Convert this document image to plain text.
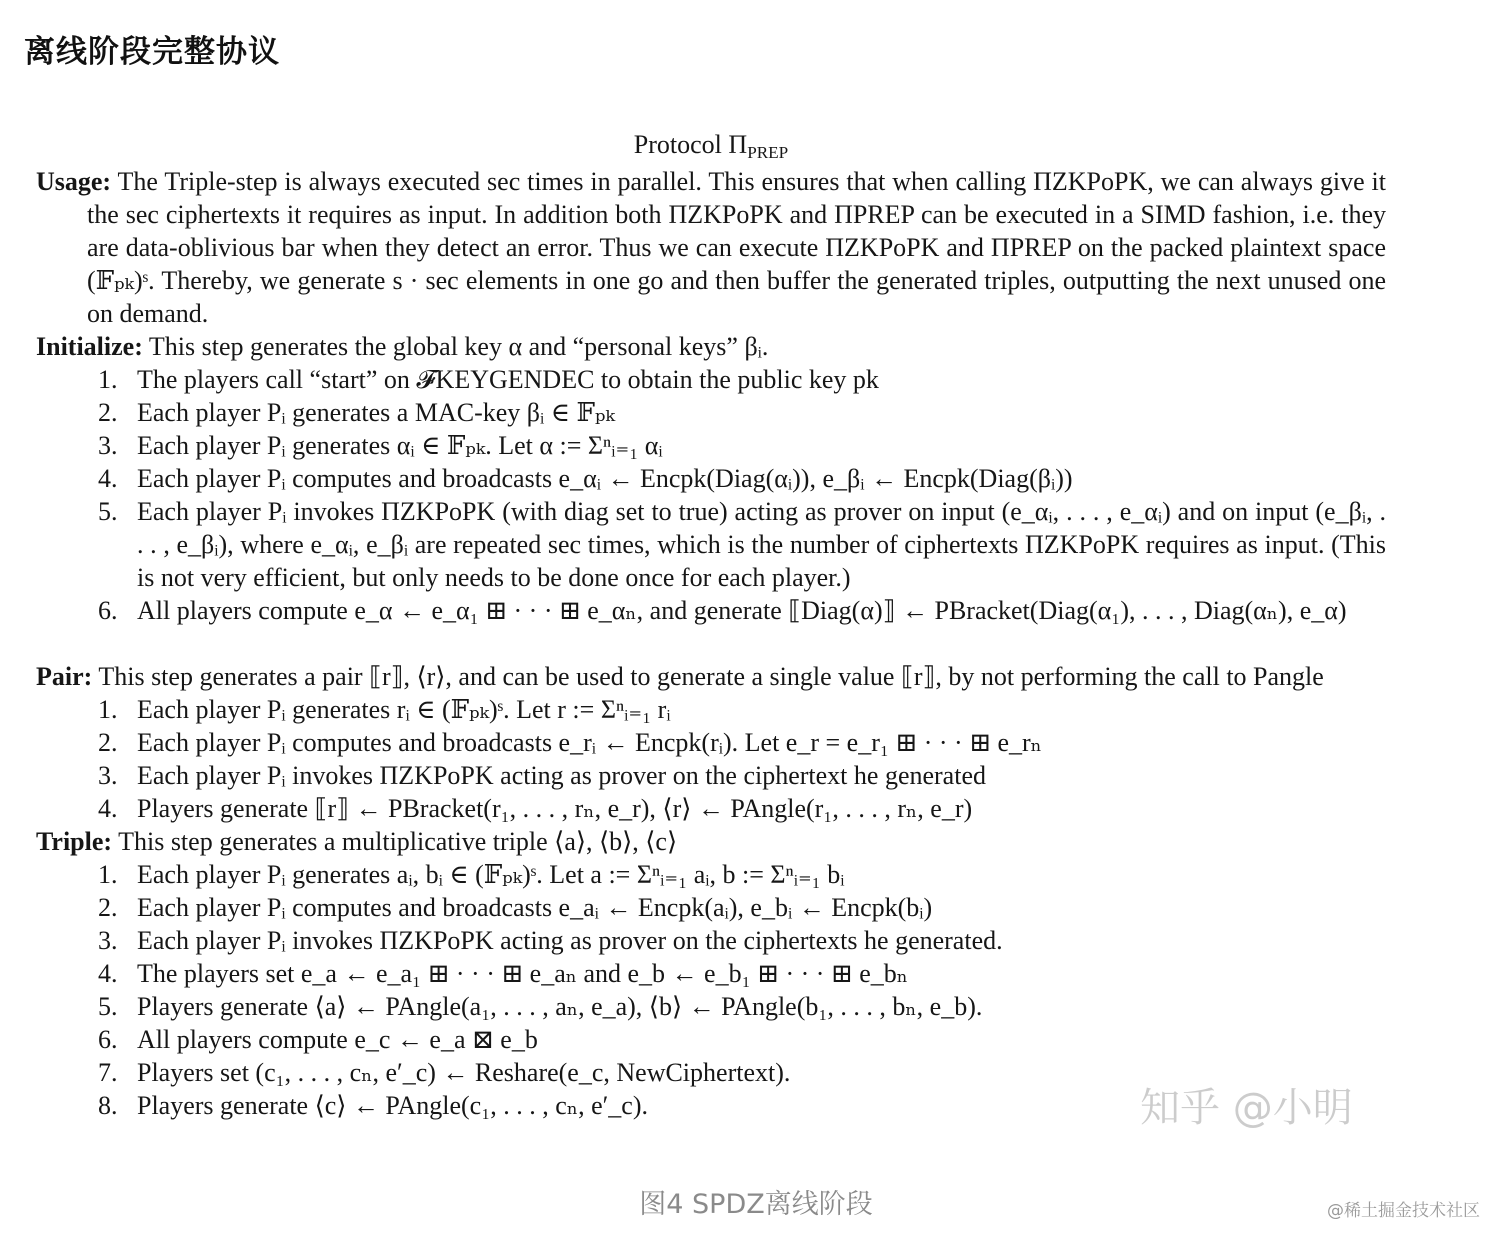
离线阶段完整协议
Protocol ΠPREP
Usage: The Triple-step is always executed sec times in parallel. This ensures that when calling ΠZKPoPK, we can always give it the sec ciphertexts it requires as input. In addition both ΠZKPoPK and ΠPREP can be executed in a SIMD fashion, i.e. they are data-oblivious bar when they detect an error. Thus we can execute ΠZKPoPK and ΠPREP on the packed plaintext space (𝔽ₚₖ)ˢ. Thereby, we generate s · sec elements in one go and then buffer the generated triples, outputting the next unused one on demand.
Initialize: This step generates the global key α and “personal keys” βᵢ.
1. The players call “start” on 𝓕KEYGENDEC to obtain the public key pk
2. Each player Pᵢ generates a MAC-key βᵢ ∈ 𝔽ₚₖ
3. Each player Pᵢ generates αᵢ ∈ 𝔽ₚₖ. Let α := Σⁿᵢ₌₁ αᵢ
4. Each player Pᵢ computes and broadcasts e_αᵢ ← Encpk(Diag(αᵢ)), e_βᵢ ← Encpk(Diag(βᵢ))
5. Each player Pᵢ invokes ΠZKPoPK (with diag set to true) acting as prover on input (e_αᵢ, . . . , e_αᵢ) and on input (e_βᵢ, . . . , e_βᵢ), where e_αᵢ, e_βᵢ are repeated sec times, which is the number of ciphertexts ΠZKPoPK requires as input. (This is not very efficient, but only needs to be done once for each player.)
6. All players compute e_α ← e_α₁ ⊞ · · · ⊞ e_αₙ, and generate ⟦Diag(α)⟧ ← PBracket(Diag(α₁), . . . , Diag(αₙ), e_α)
Pair: This step generates a pair ⟦r⟧, ⟨r⟩, and can be used to generate a single value ⟦r⟧, by not performing the call to Pangle
1. Each player Pᵢ generates rᵢ ∈ (𝔽ₚₖ)ˢ. Let r := Σⁿᵢ₌₁ rᵢ
2. Each player Pᵢ computes and broadcasts e_rᵢ ← Encpk(rᵢ). Let e_r = e_r₁ ⊞ · · · ⊞ e_rₙ
3. Each player Pᵢ invokes ΠZKPoPK acting as prover on the ciphertext he generated
4. Players generate ⟦r⟧ ← PBracket(r₁, . . . , rₙ, e_r), ⟨r⟩ ← PAngle(r₁, . . . , rₙ, e_r)
Triple: This step generates a multiplicative triple ⟨a⟩, ⟨b⟩, ⟨c⟩
1. Each player Pᵢ generates aᵢ, bᵢ ∈ (𝔽ₚₖ)ˢ. Let a := Σⁿᵢ₌₁ aᵢ, b := Σⁿᵢ₌₁ bᵢ
2. Each player Pᵢ computes and broadcasts e_aᵢ ← Encpk(aᵢ), e_bᵢ ← Encpk(bᵢ)
3. Each player Pᵢ invokes ΠZKPoPK acting as prover on the ciphertexts he generated.
4. The players set e_a ← e_a₁ ⊞ · · · ⊞ e_aₙ and e_b ← e_b₁ ⊞ · · · ⊞ e_bₙ
5. Players generate ⟨a⟩ ← PAngle(a₁, . . . , aₙ, e_a), ⟨b⟩ ← PAngle(b₁, . . . , bₙ, e_b).
6. All players compute e_c ← e_a ⊠ e_b
7. Players set (c₁, . . . , cₙ, e′_c) ← Reshare(e_c, NewCiphertext).
8. Players generate ⟨c⟩ ← PAngle(c₁, . . . , cₙ, e′_c).	知乎 @小明
图4 SPDZ离线阶段	@稀土掘金技术社区
